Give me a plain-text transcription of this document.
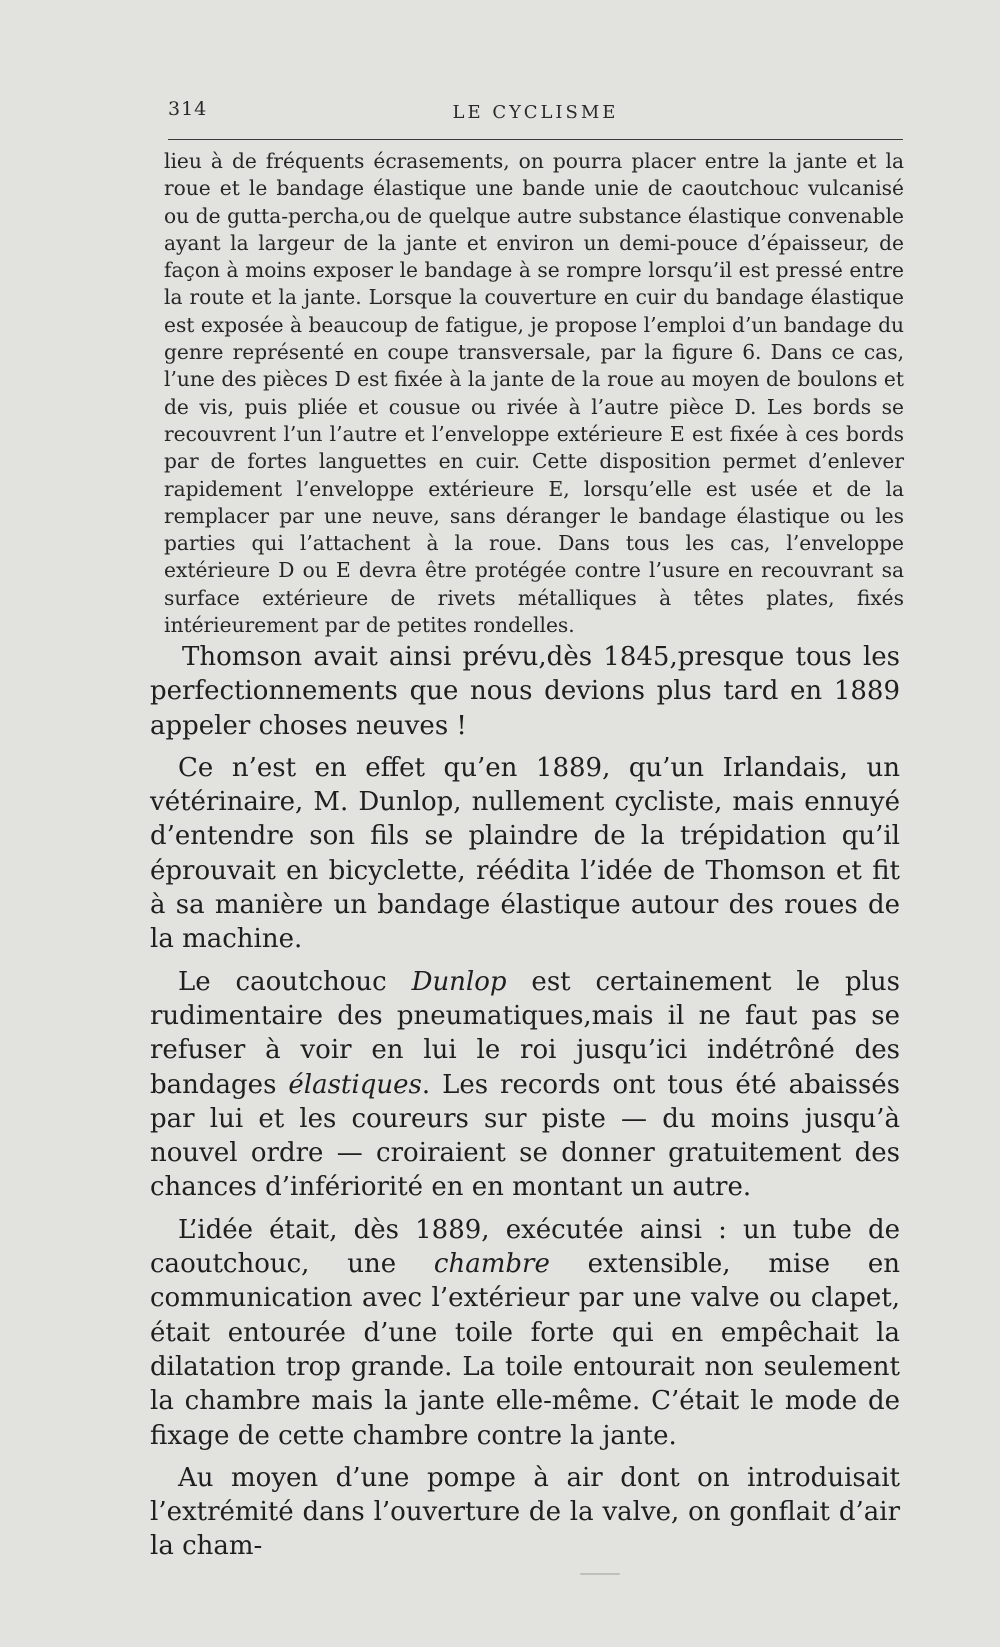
314	LE CYCLISME

lieu à de fréquents écrasements, on pourra placer entre la jante et la roue et le bandage élastique une bande unie de caoutchouc vulcanisé ou de gutta-percha,ou de quelque autre substance élastique convenable ayant la largeur de la jante et environ un demi-pouce d’épaisseur, de façon à moins exposer le bandage à se rompre lorsqu’il est pressé entre la route et la jante. Lorsque la couverture en cuir du bandage élastique est exposée à beaucoup de fatigue, je propose l’emploi d’un bandage du genre représenté en coupe transversale, par la figure 6. Dans ce cas, l’une des pièces D est fixée à la jante de la roue au moyen de boulons et de vis, puis pliée et cousue ou rivée à l’autre pièce D. Les bords se recouvrent l’un l’autre et l’enveloppe extérieure E est fixée à ces bords par de fortes languettes en cuir. Cette disposition permet d’enlever rapidement l’enveloppe extérieure E, lorsqu’elle est usée et de la remplacer par une neuve, sans déranger le bandage élastique ou les parties qui l’attachent à la roue. Dans tous les cas, l’enveloppe extérieure D ou E devra être protégée contre l’usure en recouvrant sa surface extérieure de rivets métalliques à têtes plates, fixés intérieurement par de petites rondelles.

Thomson avait ainsi prévu,dès 1845,presque tous les perfectionnements que nous devions plus tard en 1889 appeler choses neuves !

Ce n’est en effet qu’en 1889, qu’un Irlandais, un vétérinaire, M. Dunlop, nullement cycliste, mais ennuyé d’entendre son fils se plaindre de la trépidation qu’il éprouvait en bicyclette, réédita l’idée de Thomson et fit à sa manière un bandage élastique autour des roues de la machine.

Le caoutchouc Dunlop est certainement le plus rudimentaire des pneumatiques,mais il ne faut pas se refuser à voir en lui le roi jusqu’ici indétrôné des bandages élastiques. Les records ont tous été abaissés par lui et les coureurs sur piste — du moins jusqu’à nouvel ordre — croiraient se donner gratuitement des chances d’infériorité en en montant un autre.

L’idée était, dès 1889, exécutée ainsi : un tube de caoutchouc, une chambre extensible, mise en communication avec l’extérieur par une valve ou clapet, était entourée d’une toile forte qui en empêchait la dilatation trop grande. La toile entourait non seulement la chambre mais la jante elle-même. C’était le mode de fixage de cette chambre contre la jante.

Au moyen d’une pompe à air dont on introduisait l’extrémité dans l’ouverture de la valve, on gonflait d’air la cham-
